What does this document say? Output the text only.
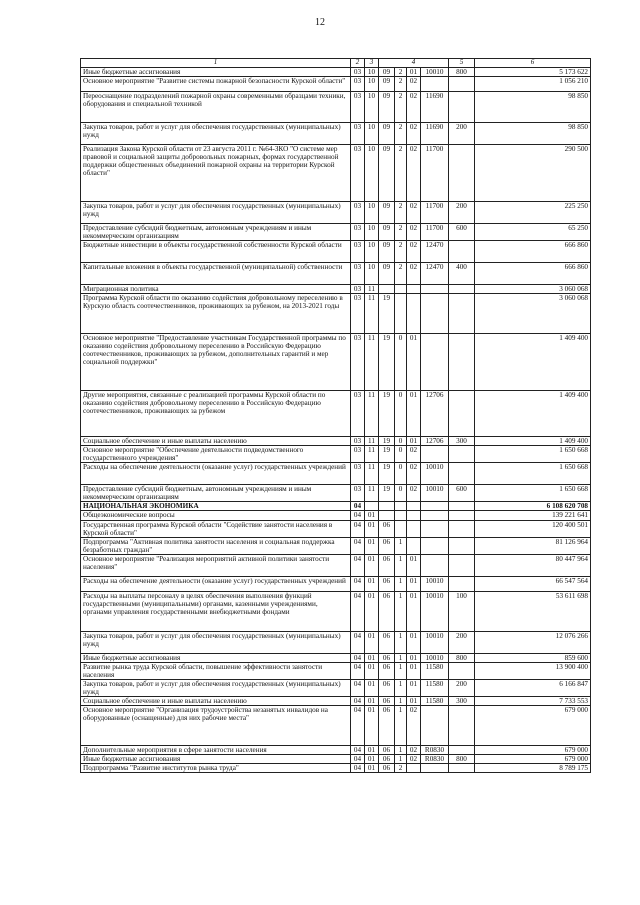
12
1	2	3	4				5	6
Иные бюджетные ассигнования	03	10	09	2	01	10010	800	5 173 622
Основное мероприятие "Развитие системы пожарной безопасности Курской области"	03	10	09	2	02			1 056 210
Переоснащение подразделений пожарной охраны современными образцами техники, оборудования и специальной техникой	03	10	09	2	02	11690		98 850
Закупка товаров, работ и услуг для обеспечения государственных (муниципальных) нужд	03	10	09	2	02	11690	200	98 850
Реализация Закона Курской области от 23 августа 2011 г. №64-ЗКО "О системе мер правовой и социальной защиты добровольных пожарных, формах государственной поддержки общественных объединений пожарной охраны на территории Курской области"	03	10	09	2	02	11700		290 500
Закупка товаров, работ и услуг для обеспечения государственных (муниципальных) нужд	03	10	09	2	02	11700	200	225 250
Предоставление субсидий бюджетным, автономным учреждениям и иным некоммерческим организациям	03	10	09	2	02	11700	600	65 250
Бюджетные инвестиции в объекты государственной собственности Курской области	03	10	09	2	02	12470		666 860
Капитальные вложения в объекты государственной (муниципальной) собственности	03	10	09	2	02	12470	400	666 860
Миграционная политика	03	11						3 060 068
Программа Курской области по оказанию содействия добровольному переселению в Курскую область соотечественников, проживающих за рубежом, на 2013-2021 годы	03	11	19					3 060 068
Основное мероприятие "Предоставление участникам Государственной программы по оказанию содействия добровольному переселению в Российскую Федерацию соотечественников, проживающих за рубежом, дополнительных гарантий и мер социальной поддержки"	03	11	19	0	01			1 409 400
Другие мероприятия, связанные с реализацией программы Курской области по оказанию содействия добровольному переселению в Российскую Федерацию соотечественников, проживающих за рубежом	03	11	19	0	01	12706		1 409 400
Социальное обеспечение и иные выплаты населению	03	11	19	0	01	12706	300	1 409 400
Основное мероприятие "Обеспечение деятельности подведомственного государственного учреждения"	03	11	19	0	02			1 650 668
Расходы на обеспечение деятельности (оказание услуг) государственных учреждений	03	11	19	0	02	10010		1 650 668
Предоставление субсидий бюджетным, автономным учреждениям и иным некоммерческим организациям	03	11	19	0	02	10010	600	1 650 668
НАЦИОНАЛЬНАЯ ЭКОНОМИКА	04							6 108 620 708
Общеэкономические вопросы	04	01						139 221 641
Государственная программа Курской области "Содействие занятости населения в Курской области"	04	01	06					120 400 501
Подпрограмма "Активная политика занятости населения и социальная поддержка безработных граждан"	04	01	06	1				81 126 964
Основное мероприятие "Реализация мероприятий активной политики занятости населения"	04	01	06	1	01			80 447 964
Расходы на обеспечение деятельности (оказание услуг) государственных учреждений	04	01	06	1	01	10010		66 547 564
Расходы на выплаты персоналу в целях обеспечения выполнения функций государственными (муниципальными) органами, казенными учреждениями, органами управления государственными внебюджетными фондами	04	01	06	1	01	10010	100	53 611 698
Закупка товаров, работ и услуг для обеспечения государственных (муниципальных) нужд	04	01	06	1	01	10010	200	12 076 266
Иные бюджетные ассигнования	04	01	06	1	01	10010	800	859 600
Развитие рынка труда Курской области, повышение эффективности занятости населения	04	01	06	1	01	11580		13 900 400
Закупка товаров, работ и услуг для обеспечения государственных (муниципальных) нужд	04	01	06	1	01	11580	200	6 166 847
Социальное обеспечение и иные выплаты населению	04	01	06	1	01	11580	300	7 733 553
Основное мероприятие "Организация трудоустройства незанятых инвалидов на оборудованные (оснащенные) для них рабочие места"	04	01	06	1	02			679 000
Дополнительные мероприятия в сфере занятости населения	04	01	06	1	02	R0830		679 000
Иные бюджетные ассигнования	04	01	06	1	02	R0830	800	679 000
Подпрограмма "Развитие институтов рынка труда"	04	01	06	2				8 789 175
